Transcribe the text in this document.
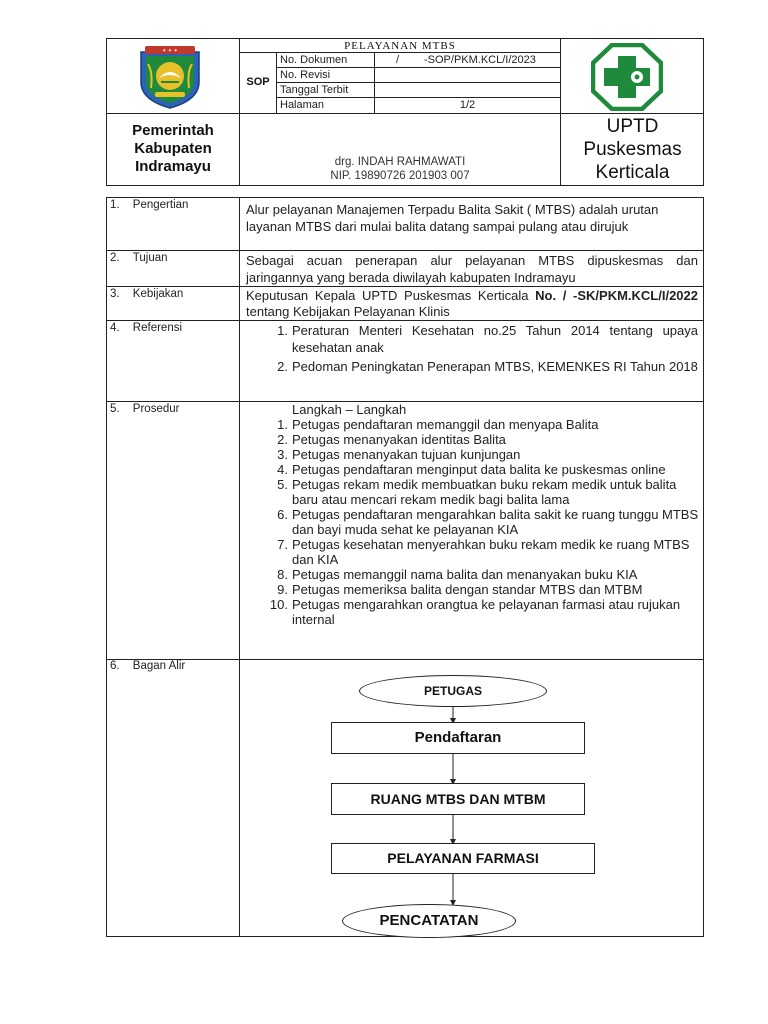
PELAYANAN MTBS
SOP
No. Dokumen	/ -SOP/PKM.KCL/I/2023
No. Revisi
Tanggal Terbit
Halaman	1/2
✦ ✦ ✦
Pemerintah
Kabupaten
Indramayu
UPTD
Puskesmas
Kerticala
drg. INDAH RAHMAWATI
NIP. 19890726 201903 007
1. Pengertian	Alur pelayanan Manajemen Terpadu Balita Sakit ( MTBS) adalah urutan layanan MTBS dari mulai balita datang sampai pulang atau dirujuk
2. Tujuan	Sebagai acuan penerapan alur pelayanan MTBS dipuskesmas dan jaringannya yang berada diwilayah kabupaten Indramayu
3. Kebijakan	Keputusan Kepala UPTD Puskesmas Kerticala No. / -SK/PKM.KCL/I/2022 tentang Kebijakan Pelayanan Klinis
4. Referensi	1. Peraturan Menteri Kesehatan no.25 Tahun 2014 tentang upaya kesehatan anak
2. Pedoman Peningkatan Penerapan MTBS, KEMENKES RI Tahun 2018
5. Prosedur	Langkah – Langkah
1. Petugas pendaftaran memanggil dan menyapa Balita
2. Petugas menanyakan identitas Balita
3. Petugas menanyakan tujuan kunjungan
4. Petugas pendaftaran menginput data balita ke puskesmas online
5. Petugas rekam medik membuatkan buku rekam medik untuk balita baru atau mencari rekam medik bagi balita lama
6. Petugas pendaftaran mengarahkan balita sakit ke ruang tunggu MTBS dan bayi muda sehat ke pelayanan KIA
7. Petugas kesehatan menyerahkan buku rekam medik ke ruang MTBS dan KIA
8. Petugas memanggil nama balita dan menanyakan buku KIA
9. Petugas memeriksa balita dengan standar MTBS dan MTBM
10. Petugas mengarahkan orangtua ke pelayanan farmasi atau rujukan internal
6. Bagan Alir
PETUGAS
Pendaftaran
RUANG MTBS DAN MTBM
PELAYANAN FARMASI
PENCATATAN
